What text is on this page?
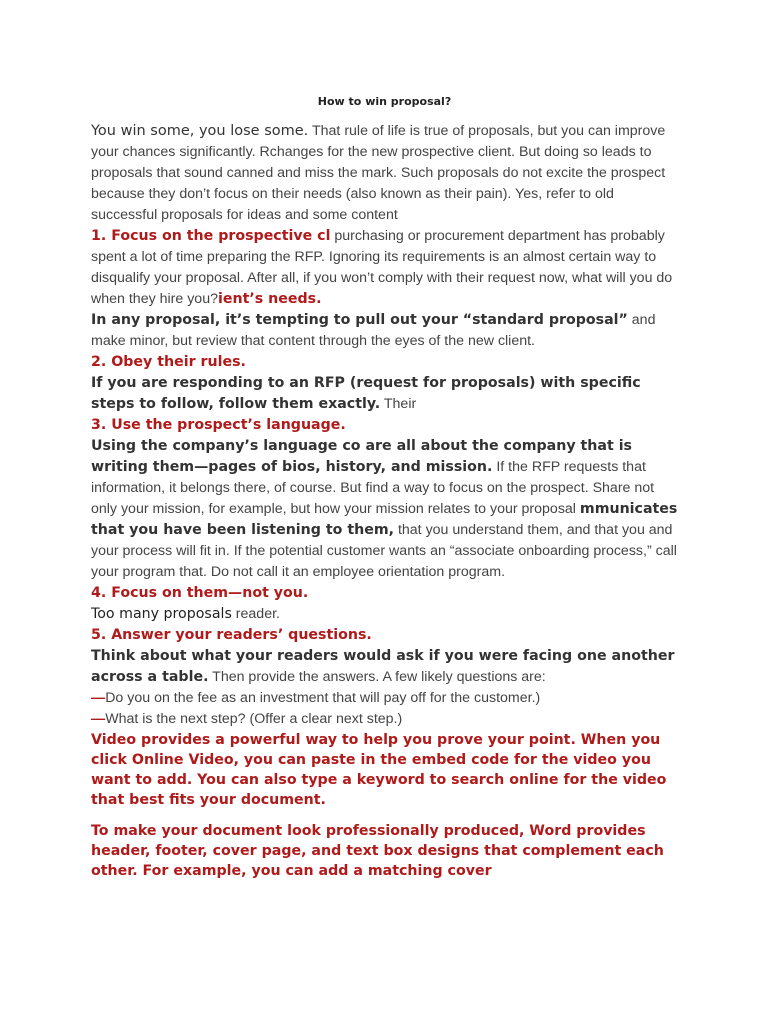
How to win proposal?

You win some, you lose some. That rule of life is true of proposals, but you can improve your chances significantly. Rchanges for the new prospective client. But doing so leads to proposals that sound canned and miss the mark. Such proposals do not excite the prospect because they don’t focus on their needs (also known as their pain). Yes, refer to old successful proposals for ideas and some content

1. Focus on the prospective cl purchasing or procurement department has probably spent a lot of time preparing the RFP. Ignoring its requirements is an almost certain way to disqualify your proposal. After all, if you won’t comply with their request now, what will you do when they hire you?ient’s needs.

In any proposal, it’s tempting to pull out your “standard proposal” and make minor, but review that content through the eyes of the new client.

2. Obey their rules.

If you are responding to an RFP (request for proposals) with specific steps to follow, follow them exactly. Their

3. Use the prospect’s language.

Using the company’s language co are all about the company that is writing them—pages of bios, history, and mission. If the RFP requests that information, it belongs there, of course. But find a way to focus on the prospect. Share not only your mission, for example, but how your mission relates to your proposal mmunicates that you have been listening to them, that you understand them, and that you and your process will fit in. If the potential customer wants an “associate onboarding process,” call your program that. Do not call it an employee orientation program.

4. Focus on them—not you.

Too many proposals reader.

5. Answer your readers’ questions.

Think about what your readers would ask if you were facing one another across a table. Then provide the answers. A few likely questions are:

—Do you on the fee as an investment that will pay off for the customer.)

—What is the next step? (Offer a clear next step.)

Video provides a powerful way to help you prove your point. When you click Online Video, you can paste in the embed code for the video you want to add. You can also type a keyword to search online for the video that best fits your document.

To make your document look professionally produced, Word provides header, footer, cover page, and text box designs that complement each other. For example, you can add a matching cover
